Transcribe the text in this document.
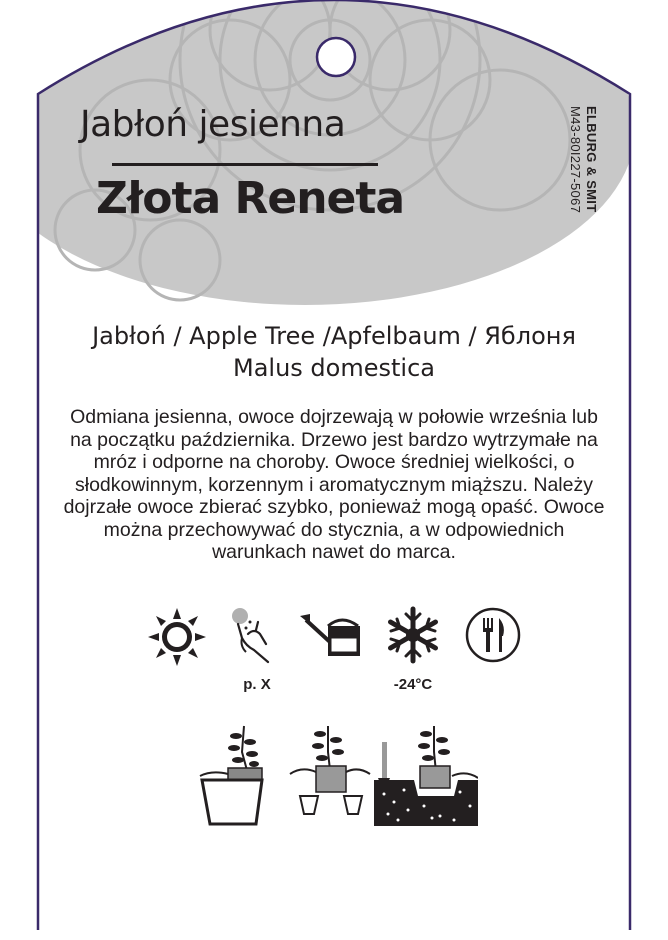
Jabłoń jesienna
Złota Reneta	ELBURG & SMIT
M43-80I227-5067
Jabłoń / Apple Tree /Apfelbaum / Яблоня
Malus domestica

Odmiana jesienna, owoce dojrzewają w połowie września lub na początku października. Drzewo jest bardzo wytrzymałe na mróz i odporne na choroby. Owoce średniej wielkości, o słodkowinnym, korzennym i aromatycznym miąższu. Należy dojrzałe owoce zbierać szybko, ponieważ mogą opaść. Owoce można przechowywać do stycznia, a w odpowiednich warunkach nawet do marca.

p. X	-24°C
